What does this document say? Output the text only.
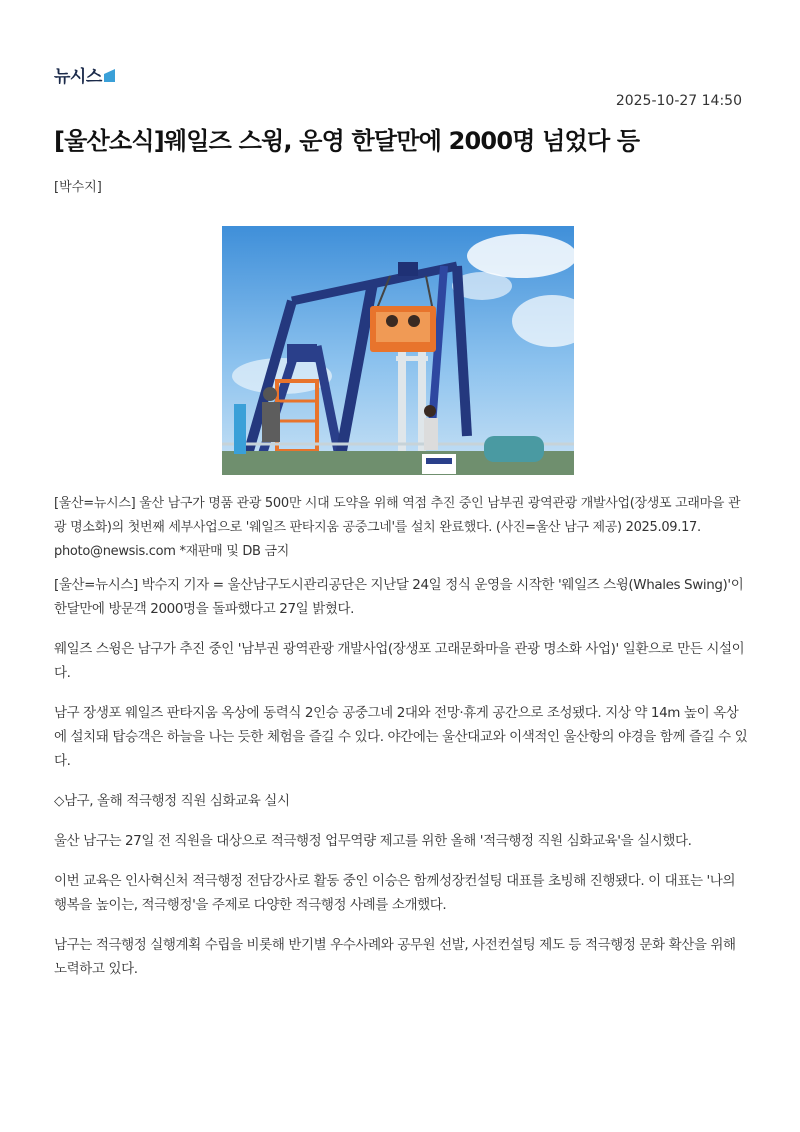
뉴시스
2025-10-27 14:50
[울산소식]웨일즈 스윙, 운영 한달만에 2000명 넘었다 등
[박수지]

[울산=뉴시스] 울산 남구가 명품 관광 500만 시대 도약을 위해 역점 추진 중인 남부권 광역관광 개발사업(장생포 고래마을 관광 명소화)의 첫번째 세부사업으로 '웨일즈 판타지움 공중그네'를 설치 완료했다. (사진=울산 남구 제공) 2025.09.17. photo@newsis.com *재판매 및 DB 금지

[울산=뉴시스] 박수지 기자 = 울산남구도시관리공단은 지난달 24일 정식 운영을 시작한 '웨일즈 스윙(Whales Swing)'이 한달만에 방문객 2000명을 돌파했다고 27일 밝혔다.

웨일즈 스윙은 남구가 추진 중인 '남부권 광역관광 개발사업(장생포 고래문화마을 관광 명소화 사업)' 일환으로 만든 시설이다.

남구 장생포 웨일즈 판타지움 옥상에 동력식 2인승 공중그네 2대와 전망·휴게 공간으로 조성됐다. 지상 약 14m 높이 옥상에 설치돼 탑승객은 하늘을 나는 듯한 체험을 즐길 수 있다. 야간에는 울산대교와 이색적인 울산항의 야경을 함께 즐길 수 있다.

◇남구, 올해 적극행정 직원 심화교육 실시

울산 남구는 27일 전 직원을 대상으로 적극행정 업무역량 제고를 위한 올해 '적극행정 직원 심화교육'을 실시했다.

이번 교육은 인사혁신처 적극행정 전담강사로 활동 중인 이승은 함께성장컨설팅 대표를 초빙해 진행됐다. 이 대표는 '나의 행복을 높이는, 적극행정'을 주제로 다양한 적극행정 사례를 소개했다.

남구는 적극행정 실행계획 수립을 비롯해 반기별 우수사례와 공무원 선발, 사전컨설팅 제도 등 적극행정 문화 확산을 위해 노력하고 있다.
